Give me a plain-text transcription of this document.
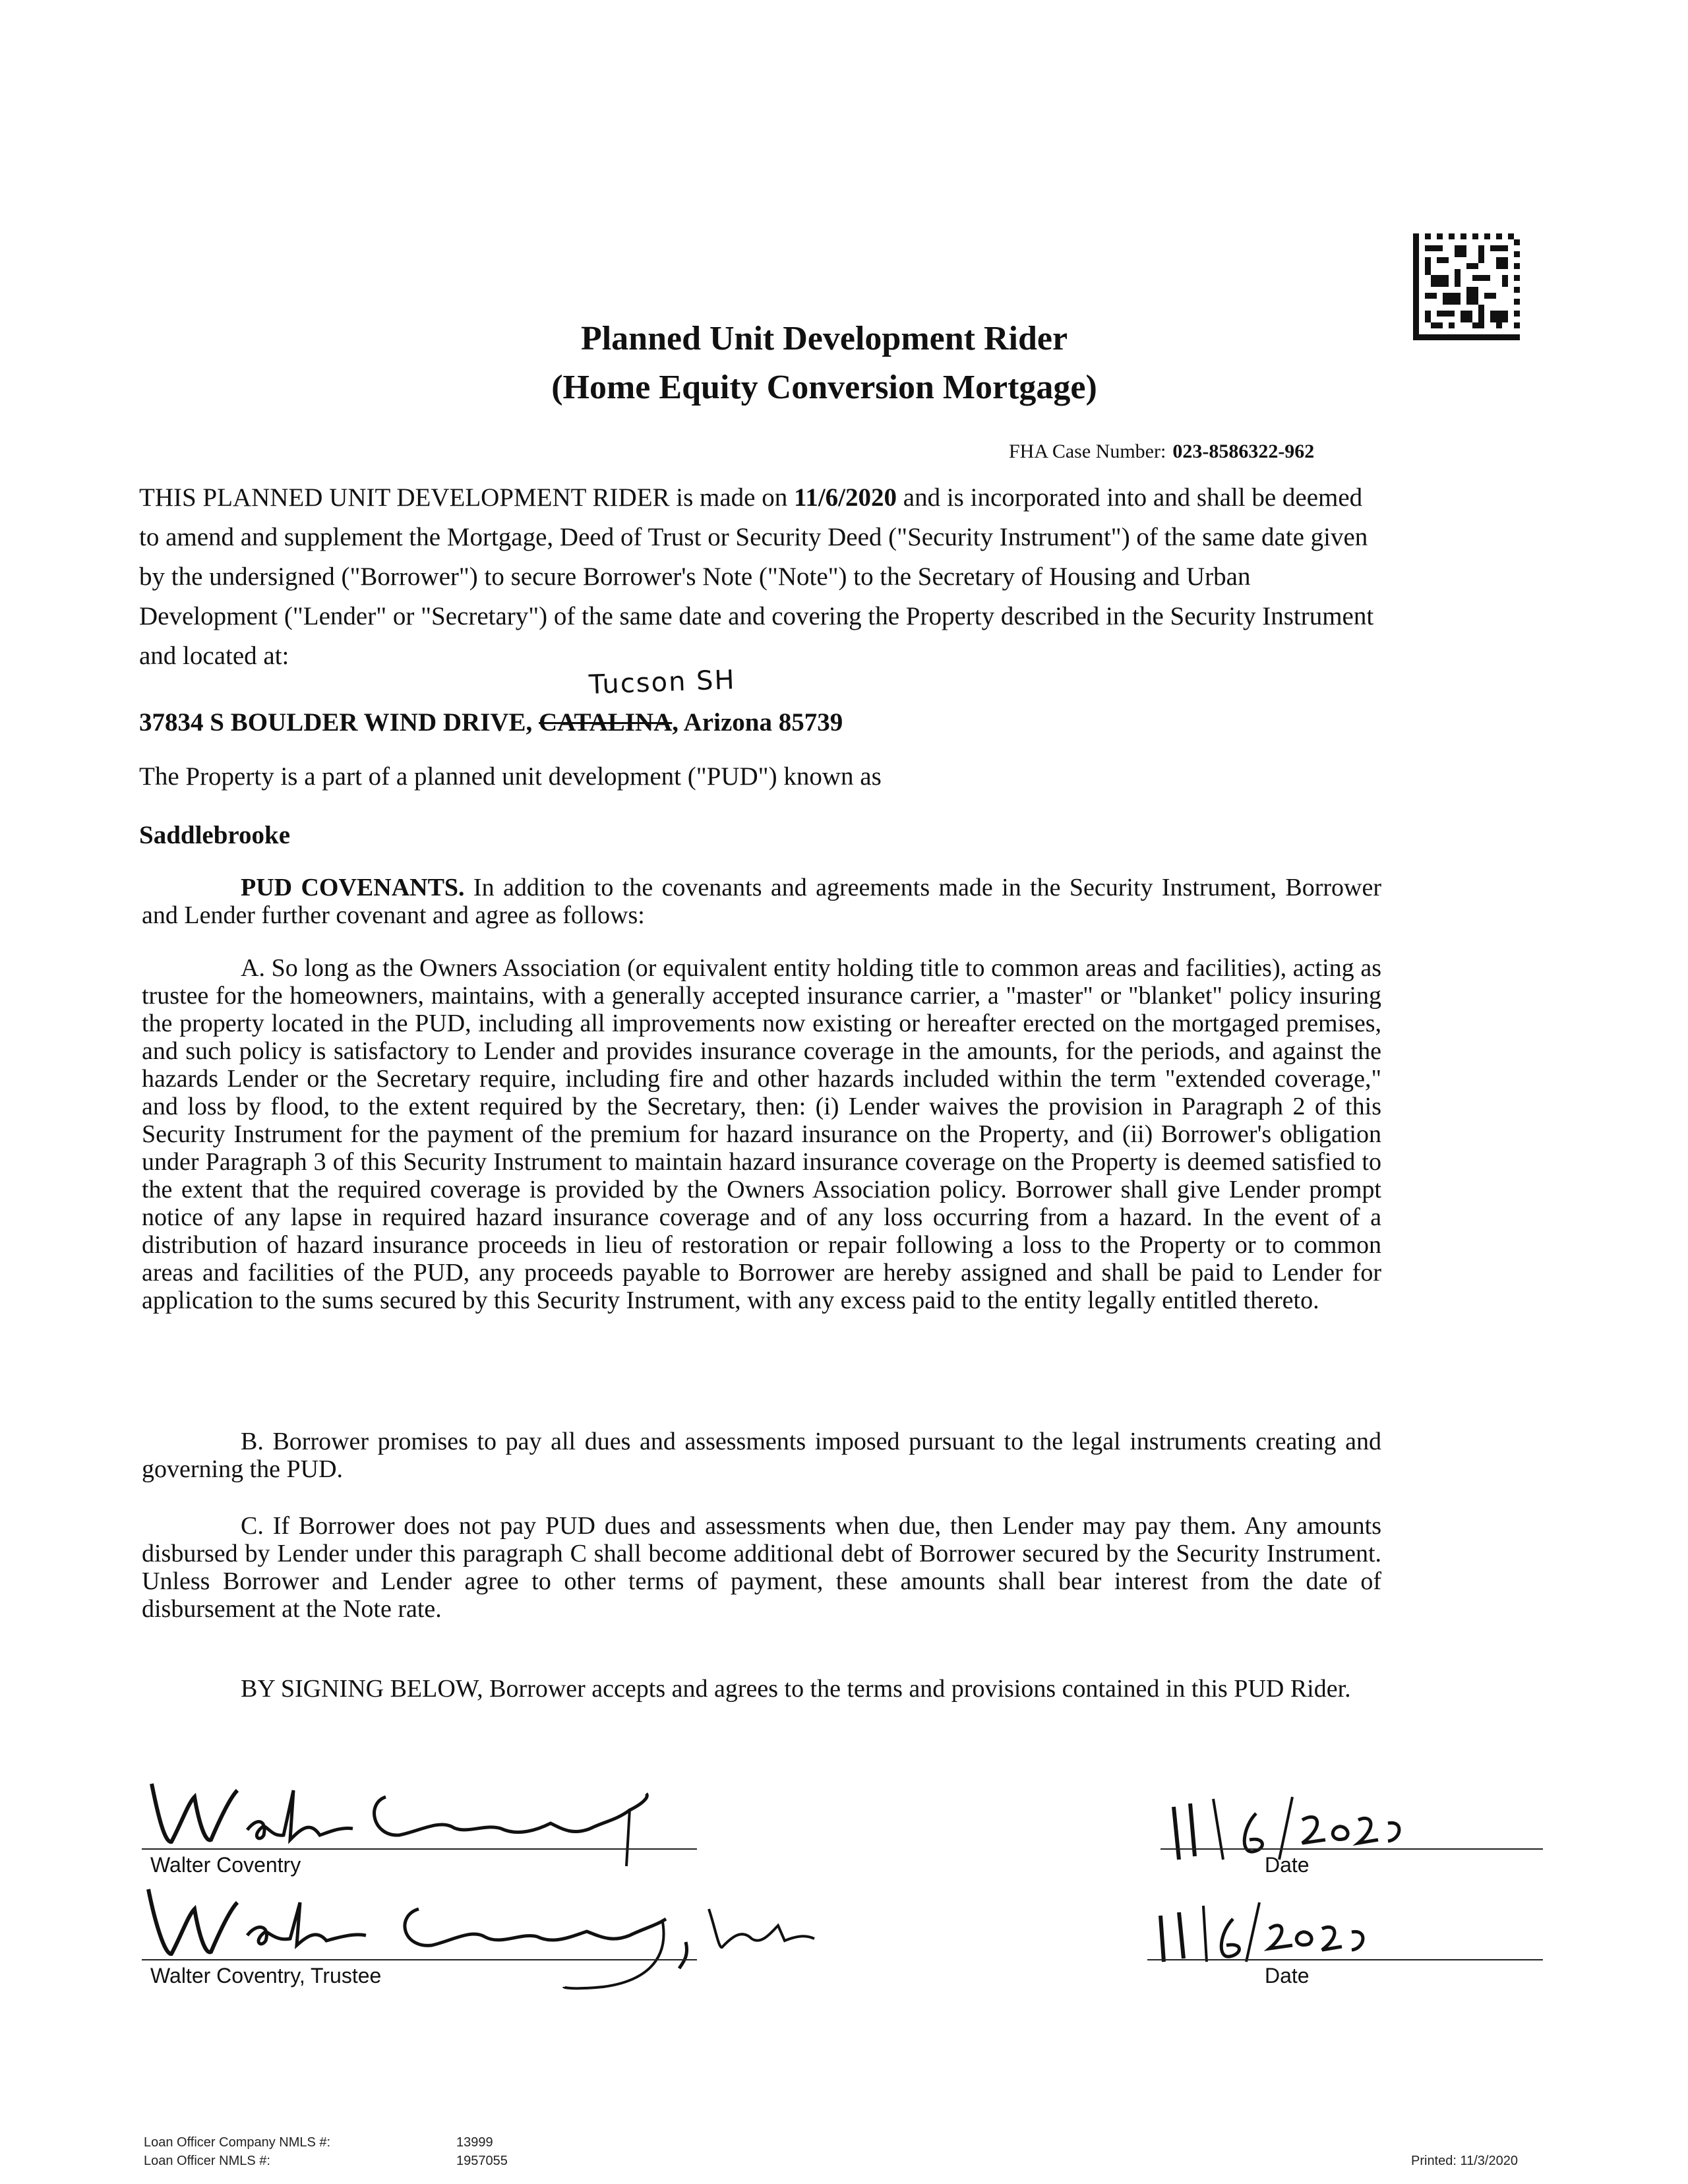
Planned Unit Development Rider
(Home Equity Conversion Mortgage)
FHA Case Number: 023-8586322-962
THIS PLANNED UNIT DEVELOPMENT RIDER is made on 11/6/2020 and is incorporated into and shall be deemed to amend and supplement the Mortgage, Deed of Trust or Security Deed ("Security Instrument") of the same date given by the undersigned ("Borrower") to secure Borrower's Note ("Note") to the Secretary of Housing and Urban Development ("Lender" or "Secretary") of the same date and covering the Property described in the Security Instrument and located at:
Tucson SH
37834 S BOULDER WIND DRIVE, CATALINA, Arizona 85739
The Property is a part of a planned unit development ("PUD") known as
Saddlebrooke
PUD COVENANTS. In addition to the covenants and agreements made in the Security Instrument, Borrower and Lender further covenant and agree as follows:
A. So long as the Owners Association (or equivalent entity holding title to common areas and facilities), acting as trustee for the homeowners, maintains, with a generally accepted insurance carrier, a "master" or "blanket" policy insuring the property located in the PUD, including all improvements now existing or hereafter erected on the mortgaged premises, and such policy is satisfactory to Lender and provides insurance coverage in the amounts, for the periods, and against the hazards Lender or the Secretary require, including fire and other hazards included within the term "extended coverage," and loss by flood, to the extent required by the Secretary, then: (i) Lender waives the provision in Paragraph 2 of this Security Instrument for the payment of the premium for hazard insurance on the Property, and (ii) Borrower's obligation under Paragraph 3 of this Security Instrument to maintain hazard insurance coverage on the Property is deemed satisfied to the extent that the required coverage is provided by the Owners Association policy. Borrower shall give Lender prompt notice of any lapse in required hazard insurance coverage and of any loss occurring from a hazard. In the event of a distribution of hazard insurance proceeds in lieu of restoration or repair following a loss to the Property or to common areas and facilities of the PUD, any proceeds payable to Borrower are hereby assigned and shall be paid to Lender for application to the sums secured by this Security Instrument, with any excess paid to the entity legally entitled thereto.
B. Borrower promises to pay all dues and assessments imposed pursuant to the legal instruments creating and governing the PUD.
C. If Borrower does not pay PUD dues and assessments when due, then Lender may pay them. Any amounts disbursed by Lender under this paragraph C shall become additional debt of Borrower secured by the Security Instrument. Unless Borrower and Lender agree to other terms of payment, these amounts shall bear interest from the date of disbursement at the Note rate.
BY SIGNING BELOW, Borrower accepts and agrees to the terms and provisions contained in this PUD Rider.
Walter Coventry
Walter Coventry, Trustee
Date
Date
Loan Officer Company NMLS #:	13999
Loan Officer NMLS #:	1957055	Printed: 11/3/2020
